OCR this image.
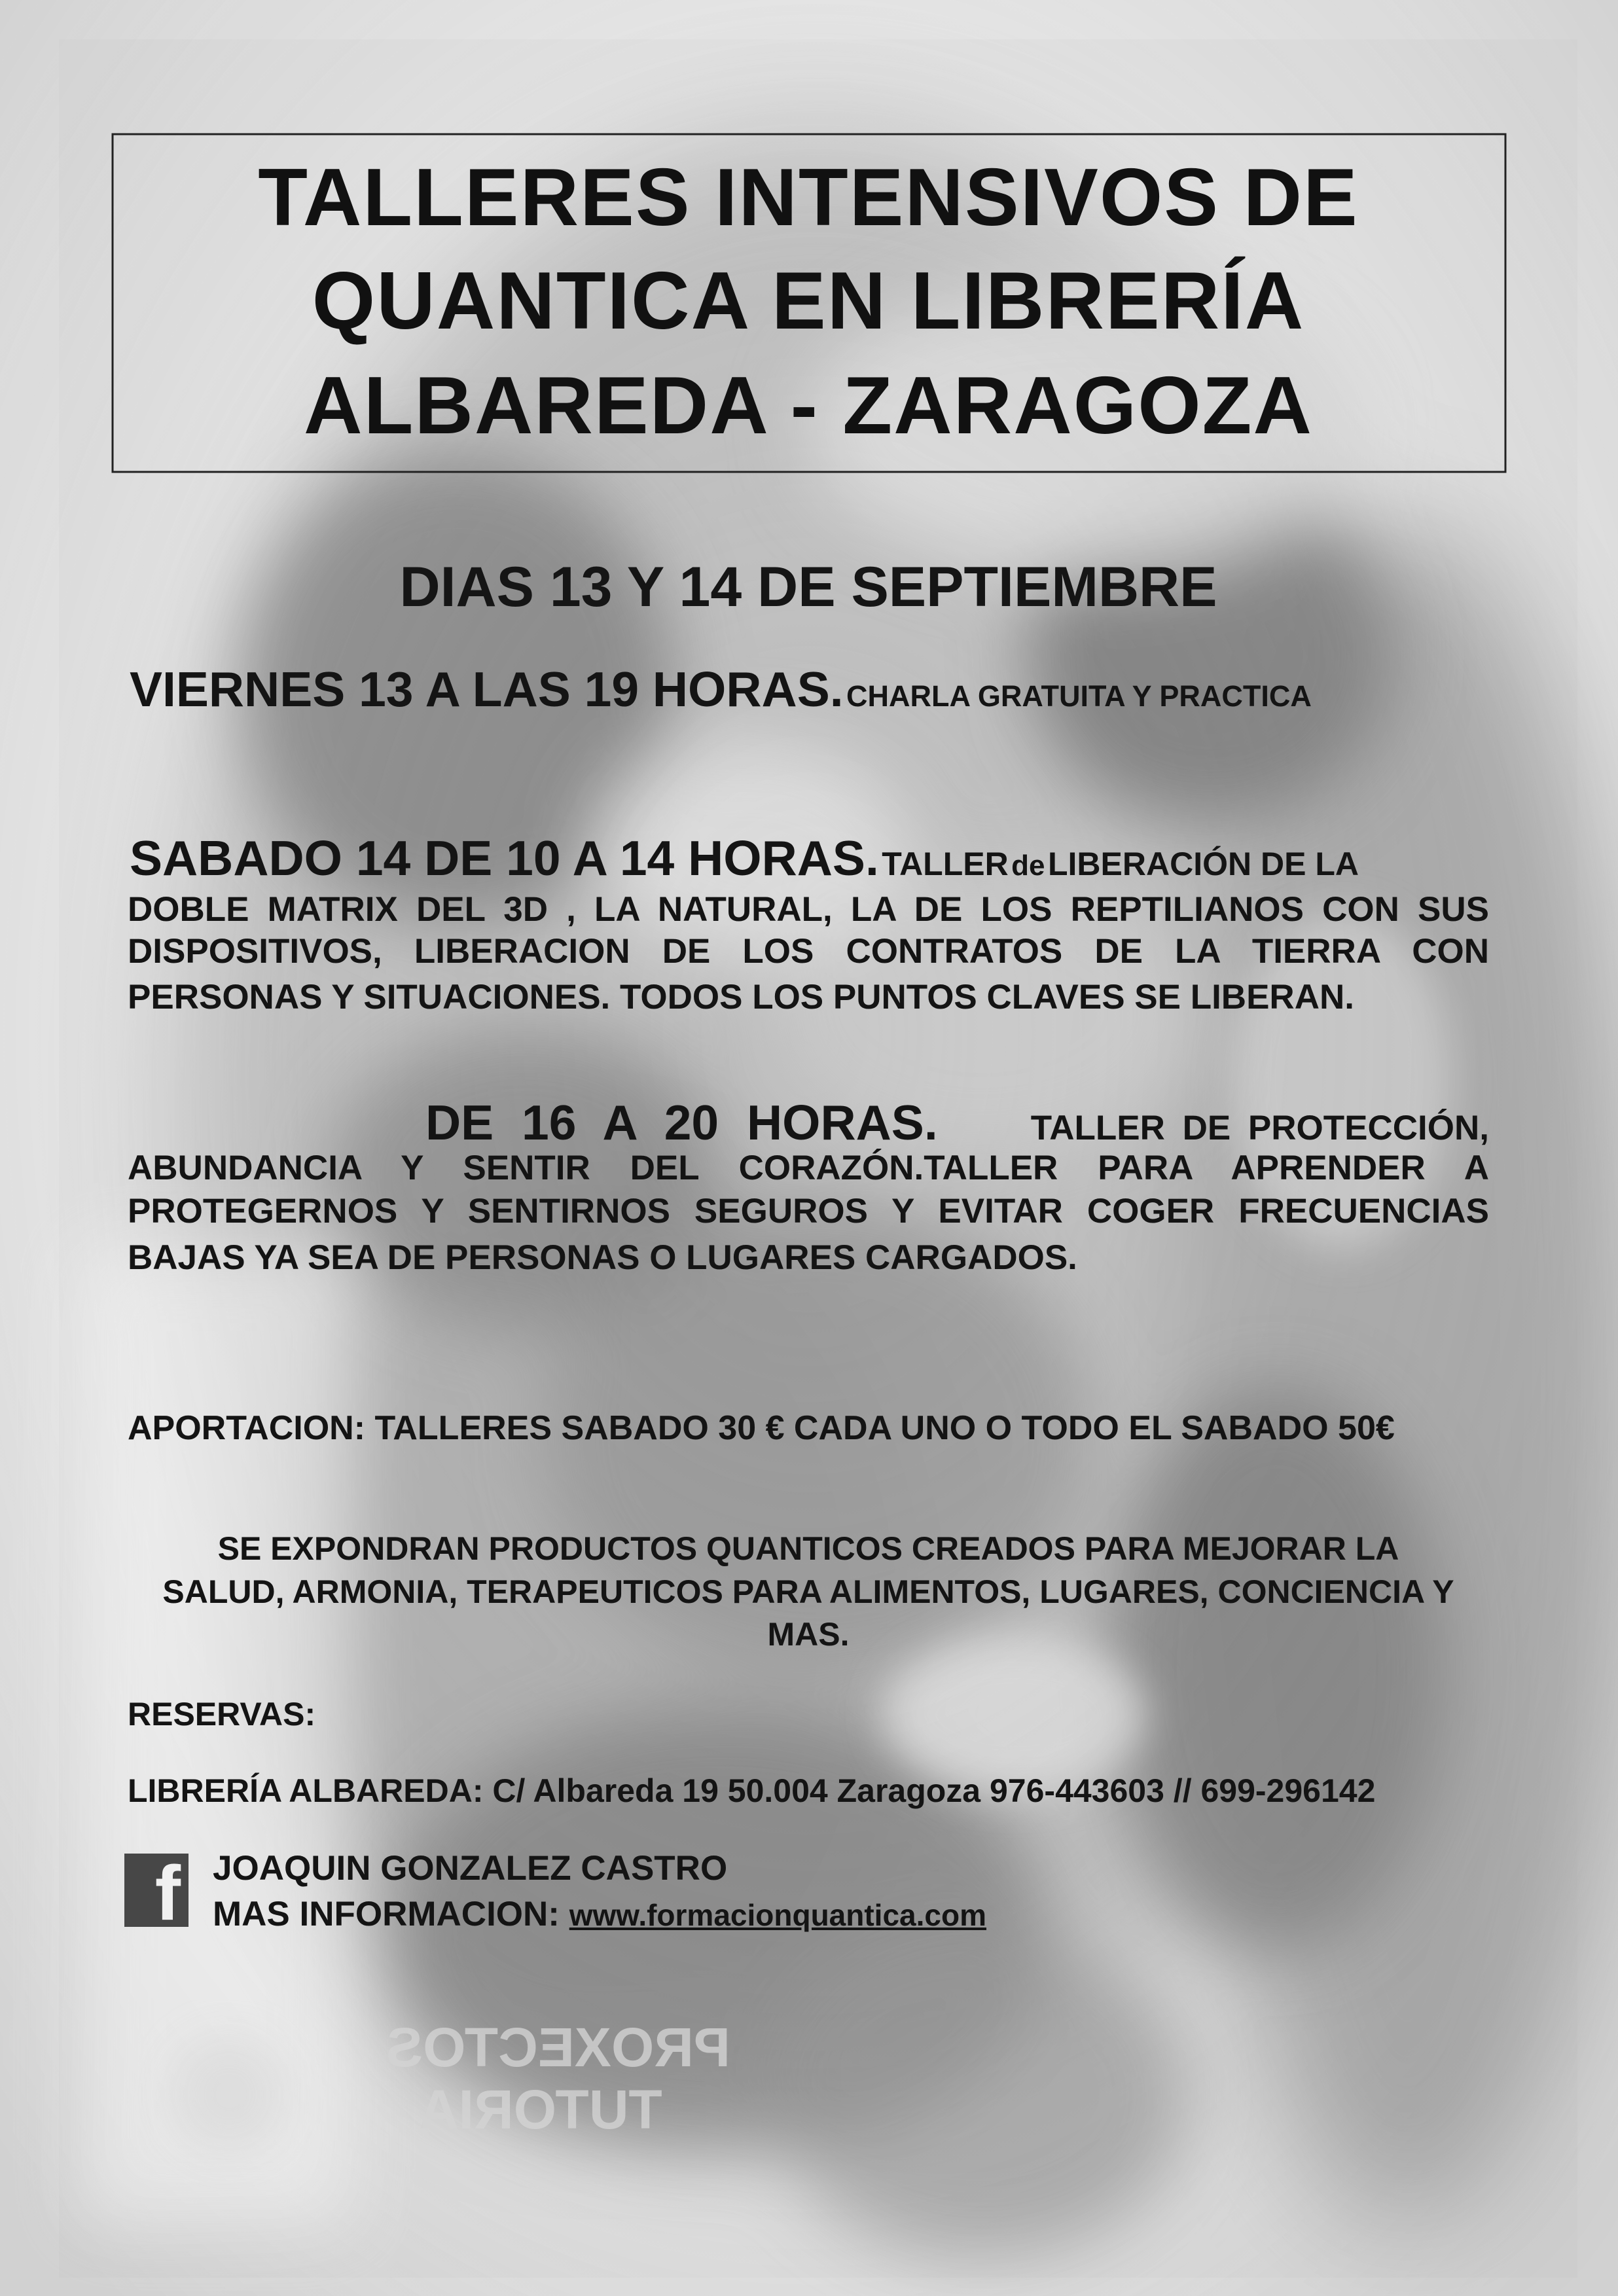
PROXECTOS
TUTORIA
TALLERES INTENSIVOS DE
QUANTICA EN LIBRERÍA
ALBAREDA - ZARAGOZA
DIAS 13 Y 14 DE SEPTIEMBRE
VIERNES 13 A LAS 19 HORAS. CHARLA GRATUITA Y PRACTICA
SABADO 14 DE 10 A 14 HORAS. TALLER de LIBERACIÓN DE LA
DOBLE MATRIX DEL 3D , LA NATURAL, LA DE LOS REPTILIANOS CON SUS
DISPOSITIVOS, LIBERACION DE LOS CONTRATOS DE LA TIERRA CON
PERSONAS Y SITUACIONES. TODOS LOS PUNTOS CLAVES SE LIBERAN.
DE 16 A 20 HORAS.	TALLER DE PROTECCIÓN,
ABUNDANCIA Y SENTIR DEL CORAZÓN.TALLER PARA APRENDER A
PROTEGERNOS Y SENTIRNOS SEGUROS Y EVITAR COGER FRECUENCIAS
BAJAS YA SEA DE PERSONAS O LUGARES CARGADOS.
APORTACION: TALLERES SABADO 30 € CADA UNO O TODO EL SABADO 50€
SE EXPONDRAN PRODUCTOS QUANTICOS CREADOS PARA MEJORAR LA
SALUD, ARMONIA, TERAPEUTICOS PARA ALIMENTOS, LUGARES, CONCIENCIA Y
MAS.
RESERVAS:
LIBRERÍA ALBAREDA: C/ Albareda 19 50.004 Zaragoza 976-443603 // 699-296142
f JOAQUIN GONZALEZ CASTRO
MAS INFORMACION: www.formacionquantica.com
